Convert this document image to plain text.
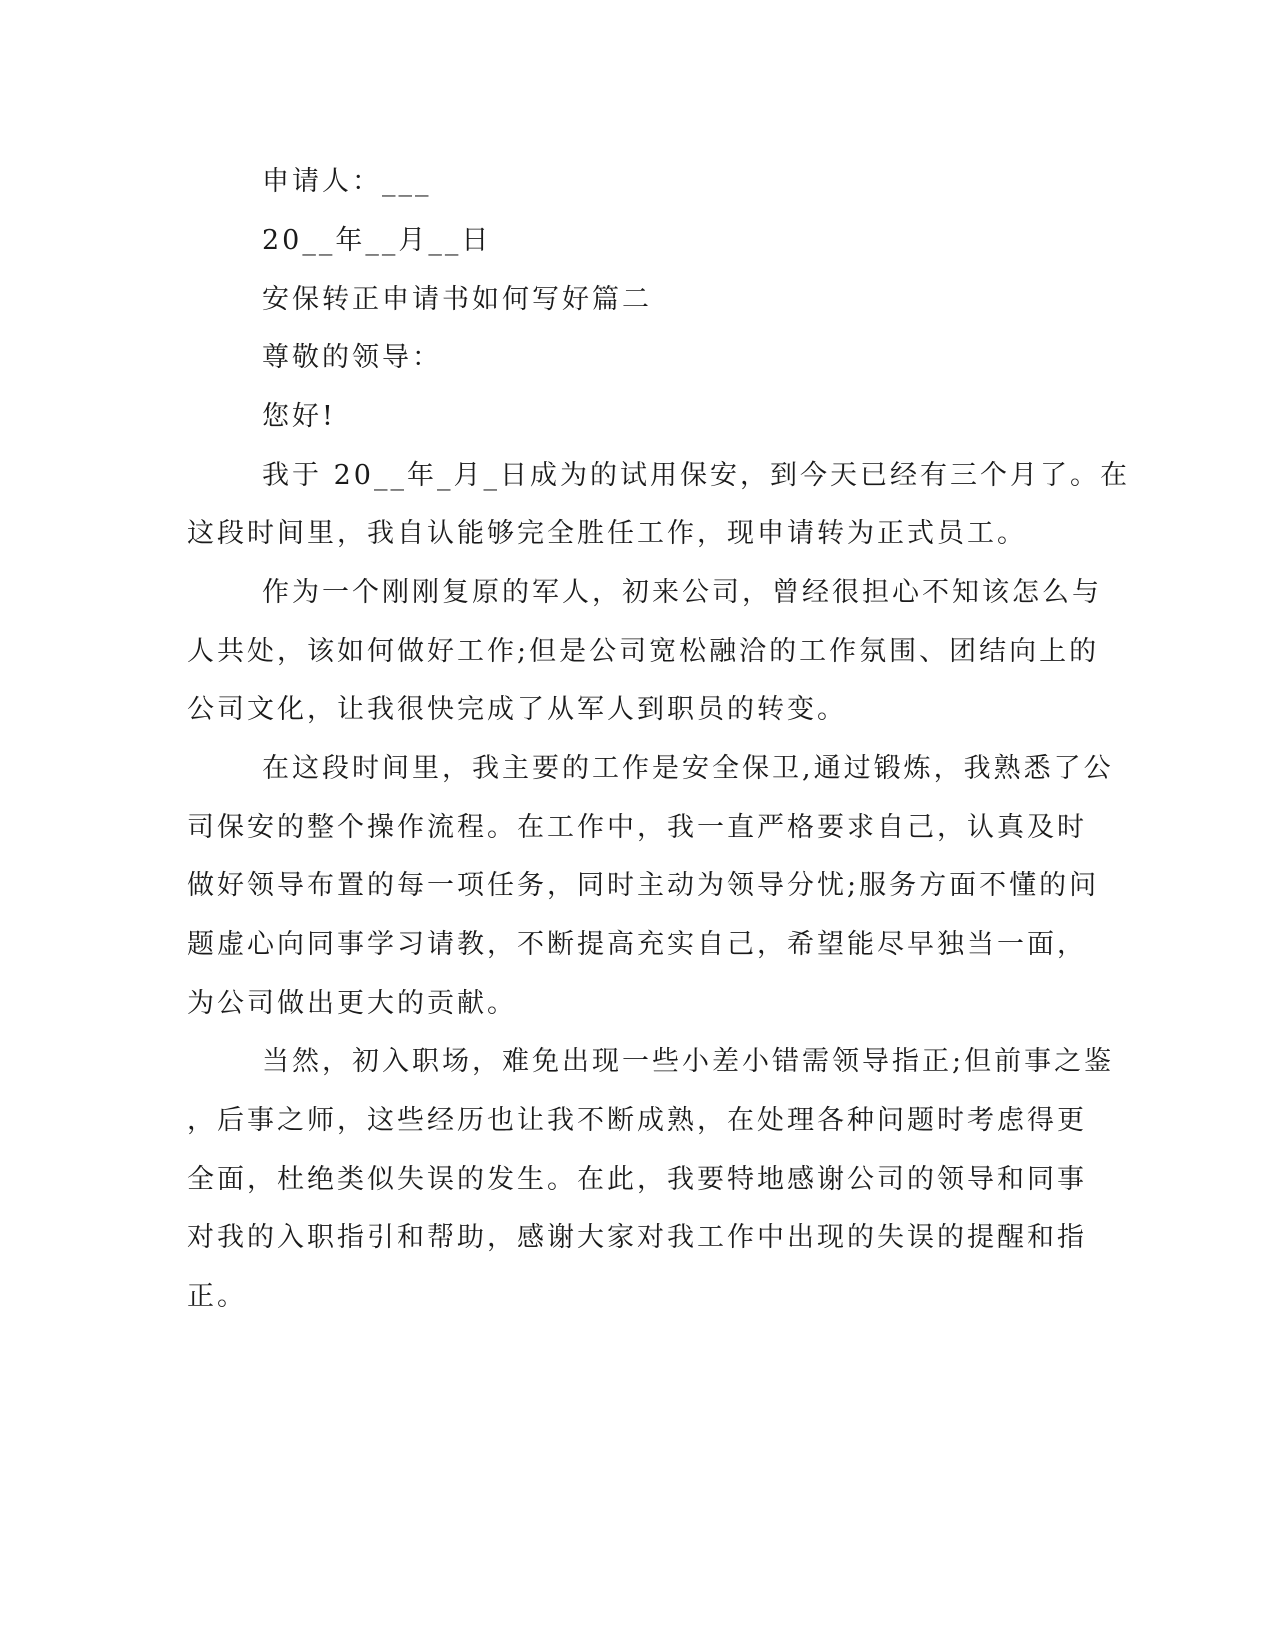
申请人：___
20__年__月__日
安保转正申请书如何写好篇二
尊敬的领导：
您好!
我于 20__年_月_日成为的试用保安，到今天已经有三个月了。在
这段时间里，我自认能够完全胜任工作，现申请转为正式员工。
作为一个刚刚复原的军人，初来公司，曾经很担心不知该怎么与
人共处，该如何做好工作;但是公司宽松融洽的工作氛围、团结向上的
公司文化，让我很快完成了从军人到职员的转变。
在这段时间里，我主要的工作是安全保卫,通过锻炼，我熟悉了公
司保安的整个操作流程。在工作中，我一直严格要求自己，认真及时
做好领导布置的每一项任务，同时主动为领导分忧;服务方面不懂的问
题虚心向同事学习请教，不断提高充实自己，希望能尽早独当一面，
为公司做出更大的贡献。
当然，初入职场，难免出现一些小差小错需领导指正;但前事之鉴
，后事之师，这些经历也让我不断成熟，在处理各种问题时考虑得更
全面，杜绝类似失误的发生。在此，我要特地感谢公司的领导和同事
对我的入职指引和帮助，感谢大家对我工作中出现的失误的提醒和指
正。
